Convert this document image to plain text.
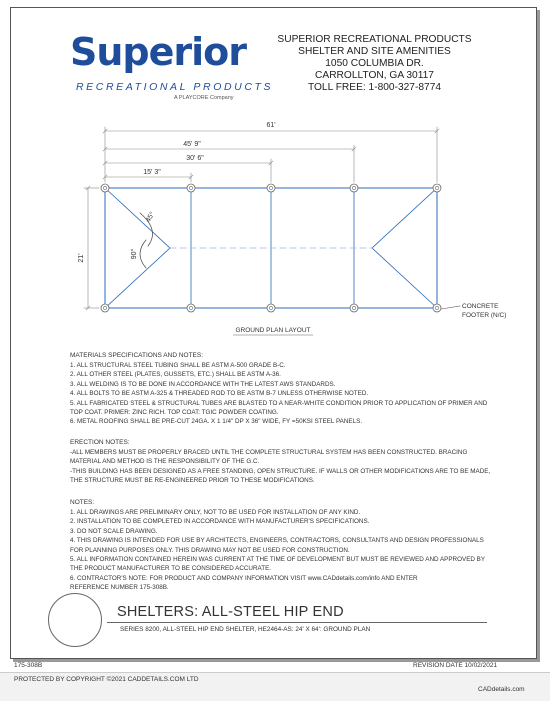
Superior
RECREATIONAL PRODUCTS
A PLAYCORE Company
SUPERIOR RECREATIONAL PRODUCTS
SHELTER AND SITE AMENITIES
1050 COLUMBIA DR.
CARROLLTON, GA 30117
TOLL FREE: 1-800-327-8774
61'
45' 9"
30' 6"
15' 3"
21'
45°
90°
CONCRETE
FOOTER (N/C)
GROUND PLAN LAYOUT
MATERIALS SPECIFICATIONS AND NOTES:
1. ALL STRUCTURAL STEEL TUBING SHALL BE ASTM A-500 GRADE B-C.
2. ALL OTHER STEEL (PLATES, GUSSETS, ETC.) SHALL BE ASTM A-36.
3. ALL WELDING IS TO BE DONE IN ACCORDANCE WITH THE LATEST AWS STANDARDS.
4. ALL BOLTS TO BE ASTM A-325 & THREADED ROD TO BE ASTM B-7 UNLESS OTHERWISE NOTED.
5. ALL FABRICATED STEEL & STRUCTURAL TUBES ARE BLASTED TO A NEAR-WHITE CONDITION PRIOR TO APPLICATION OF PRIMER AND
TOP COAT. PRIMER: ZINC RICH. TOP COAT: TGIC POWDER COATING.
6. METAL ROOFING SHALL BE PRE-CUT 24GA. X 1 1/4" DP X 36" WIDE, FY =50KSI STEEL PANELS.
ERECTION NOTES:
-ALL MEMBERS MUST BE PROPERLY BRACED UNTIL THE COMPLETE STRUCTURAL SYSTEM HAS BEEN CONSTRUCTED. BRACING
MATERIAL AND METHOD IS THE RESPONSIBILITY OF THE G.C.
-THIS BUILDING HAS BEEN DESIGNED AS A FREE STANDING, OPEN STRUCTURE. IF WALLS OR OTHER MODIFICATIONS ARE TO BE MADE,
THE STRUCTURE MUST BE RE-ENGINEERED PRIOR TO THESE MODIFICATIONS.
NOTES:
1. ALL DRAWINGS ARE PRELIMINARY ONLY, NOT TO BE USED FOR INSTALLATION OF ANY KIND.
2. INSTALLATION TO BE COMPLETED IN ACCORDANCE WITH MANUFACTURER'S SPECIFICATIONS.
3. DO NOT SCALE DRAWING.
4. THIS DRAWING IS INTENDED FOR USE BY ARCHITECTS, ENGINEERS, CONTRACTORS, CONSULTANTS AND DESIGN PROFESSIONALS
FOR PLANNING PURPOSES ONLY. THIS DRAWING MAY NOT BE USED FOR CONSTRUCTION.
5. ALL INFORMATION CONTAINED HEREIN WAS CURRENT AT THE TIME OF DEVELOPMENT BUT MUST BE REVIEWED AND APPROVED BY
THE PRODUCT MANUFACTURER TO BE CONSIDERED ACCURATE.
6. CONTRACTOR'S NOTE: FOR PRODUCT AND COMPANY INFORMATION VISIT www.CADdetails.com/info AND ENTER
REFERENCE NUMBER 175-308B.
SHELTERS: ALL-STEEL HIP END
SERIES 8200, ALL-STEEL HIP END SHELTER, HE2464-AS: 24' X 64': GROUND PLAN
175-308B	REVISION DATE 10/02/2021
PROTECTED BY COPYRIGHT ©2021 CADDETAILS.COM LTD
CADdetails.com
